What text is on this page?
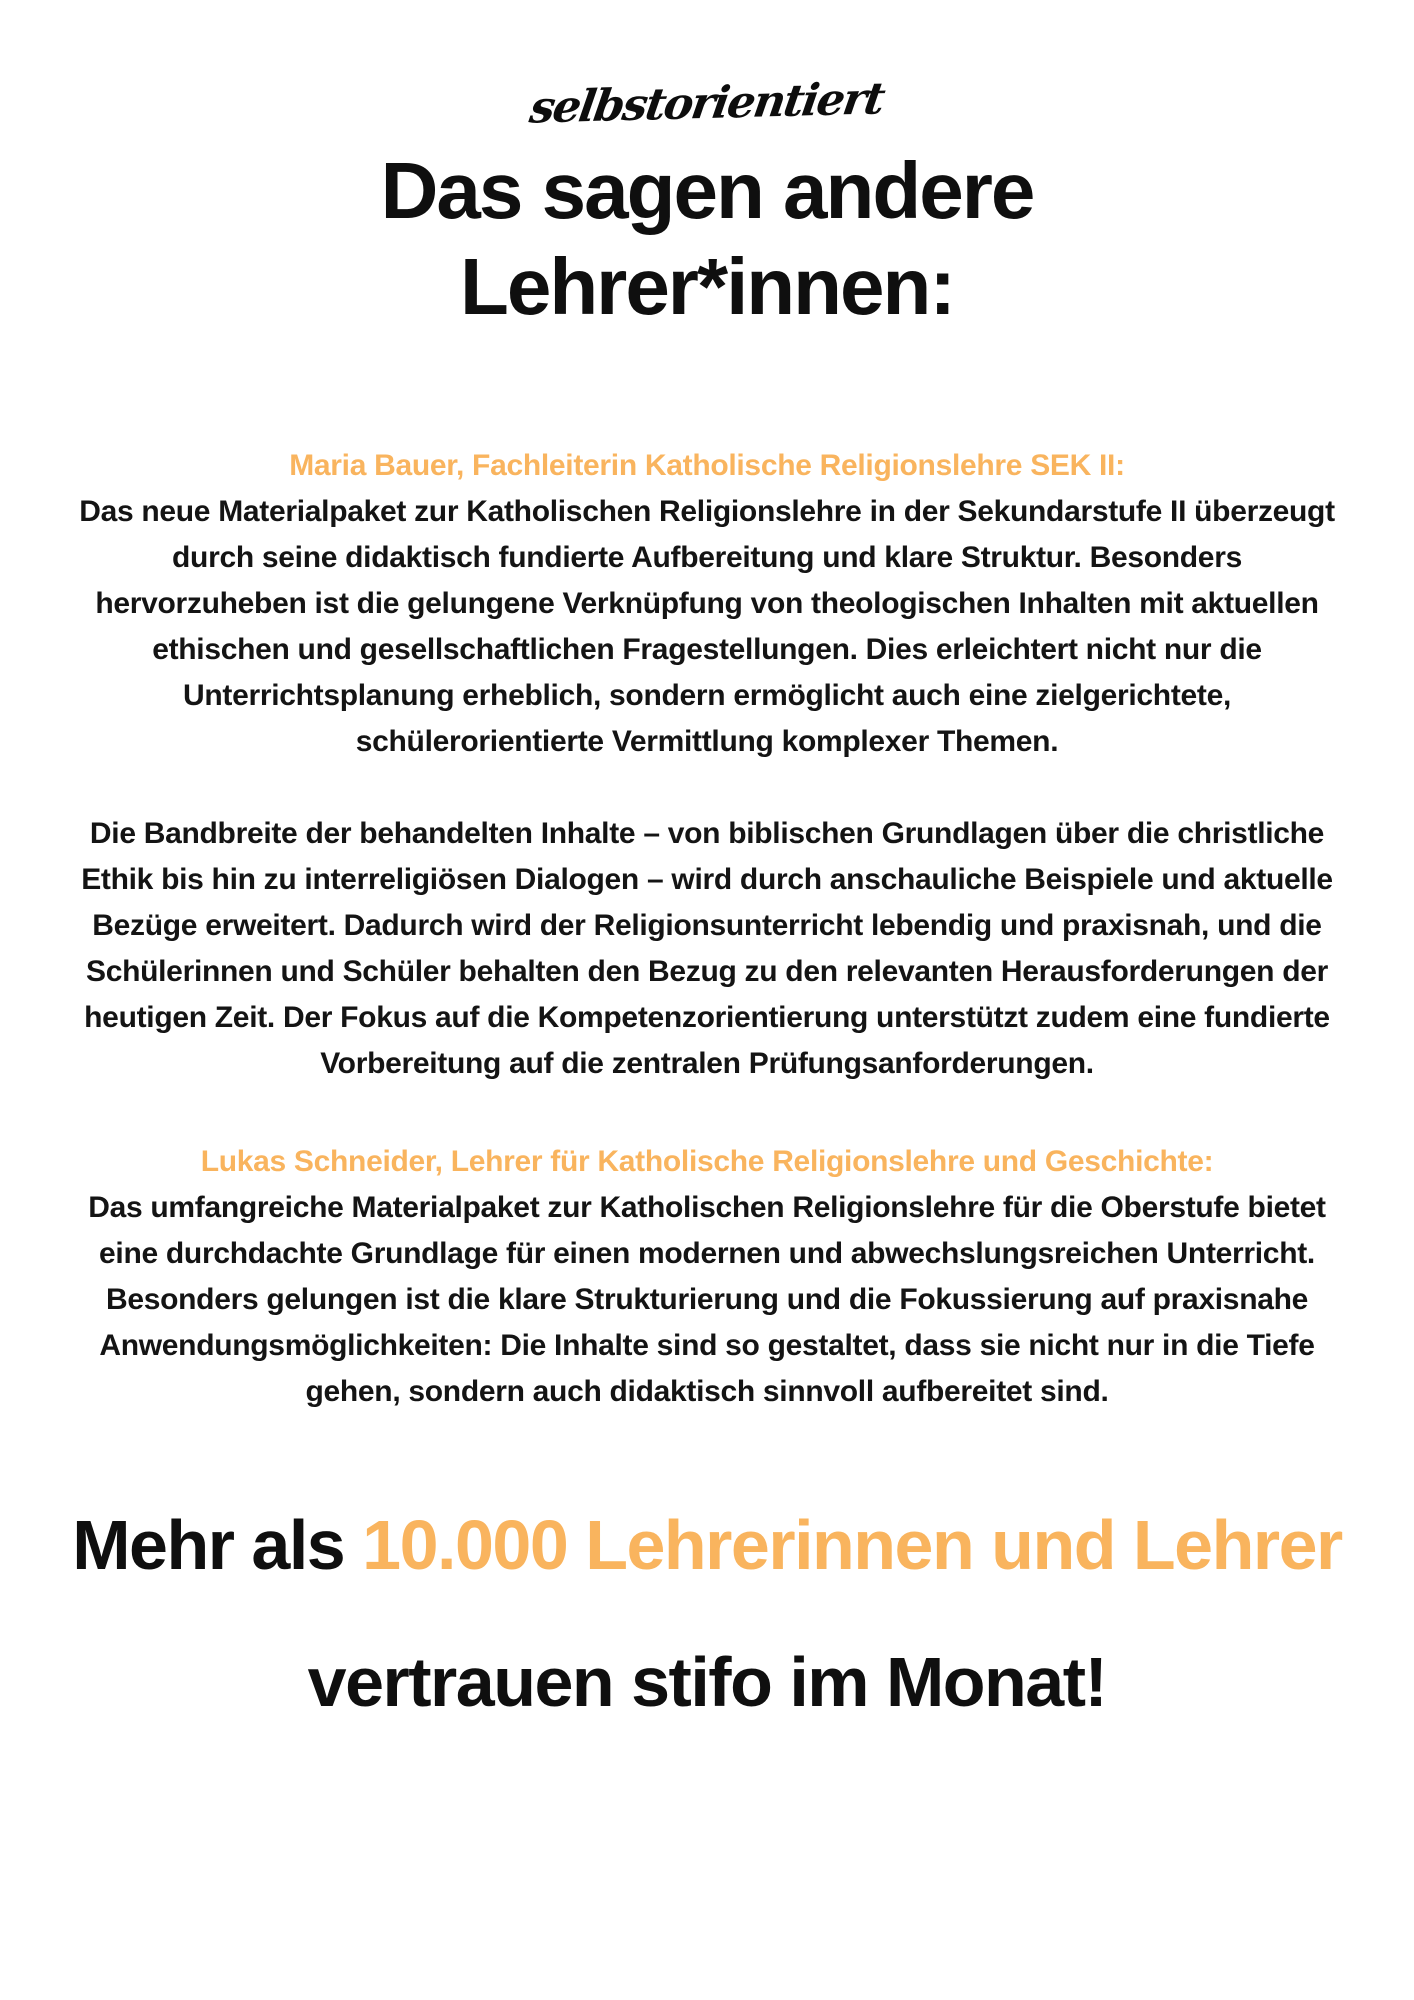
selbstorientiert
Das sagen andere Lehrer*innen:
Maria Bauer, Fachleiterin Katholische Religionslehre SEK II:

Das neue Materialpaket zur Katholischen Religionslehre in der Sekundarstufe II überzeugt durch seine didaktisch fundierte Aufbereitung und klare Struktur. Besonders hervorzuheben ist die gelungene Verknüpfung von theologischen Inhalten mit aktuellen ethischen und gesellschaftlichen Fragestellungen. Dies erleichtert nicht nur die Unterrichtsplanung erheblich, sondern ermöglicht auch eine zielgerichtete, schülerorientierte Vermittlung komplexer Themen.

Die Bandbreite der behandelten Inhalte – von biblischen Grundlagen über die christliche Ethik bis hin zu interreligiösen Dialogen – wird durch anschauliche Beispiele und aktuelle Bezüge erweitert. Dadurch wird der Religionsunterricht lebendig und praxisnah, und die Schülerinnen und Schüler behalten den Bezug zu den relevanten Herausforderungen der heutigen Zeit. Der Fokus auf die Kompetenzorientierung unterstützt zudem eine fundierte Vorbereitung auf die zentralen Prüfungsanforderungen.

Lukas Schneider, Lehrer für Katholische Religionslehre und Geschichte:

Das umfangreiche Materialpaket zur Katholischen Religionslehre für die Oberstufe bietet eine durchdachte Grundlage für einen modernen und abwechslungsreichen Unterricht. Besonders gelungen ist die klare Strukturierung und die Fokussierung auf praxisnahe Anwendungsmöglichkeiten: Die Inhalte sind so gestaltet, dass sie nicht nur in die Tiefe gehen, sondern auch didaktisch sinnvoll aufbereitet sind.

Mehr als 10.000 Lehrerinnen und Lehrer vertrauen stifo im Monat!
